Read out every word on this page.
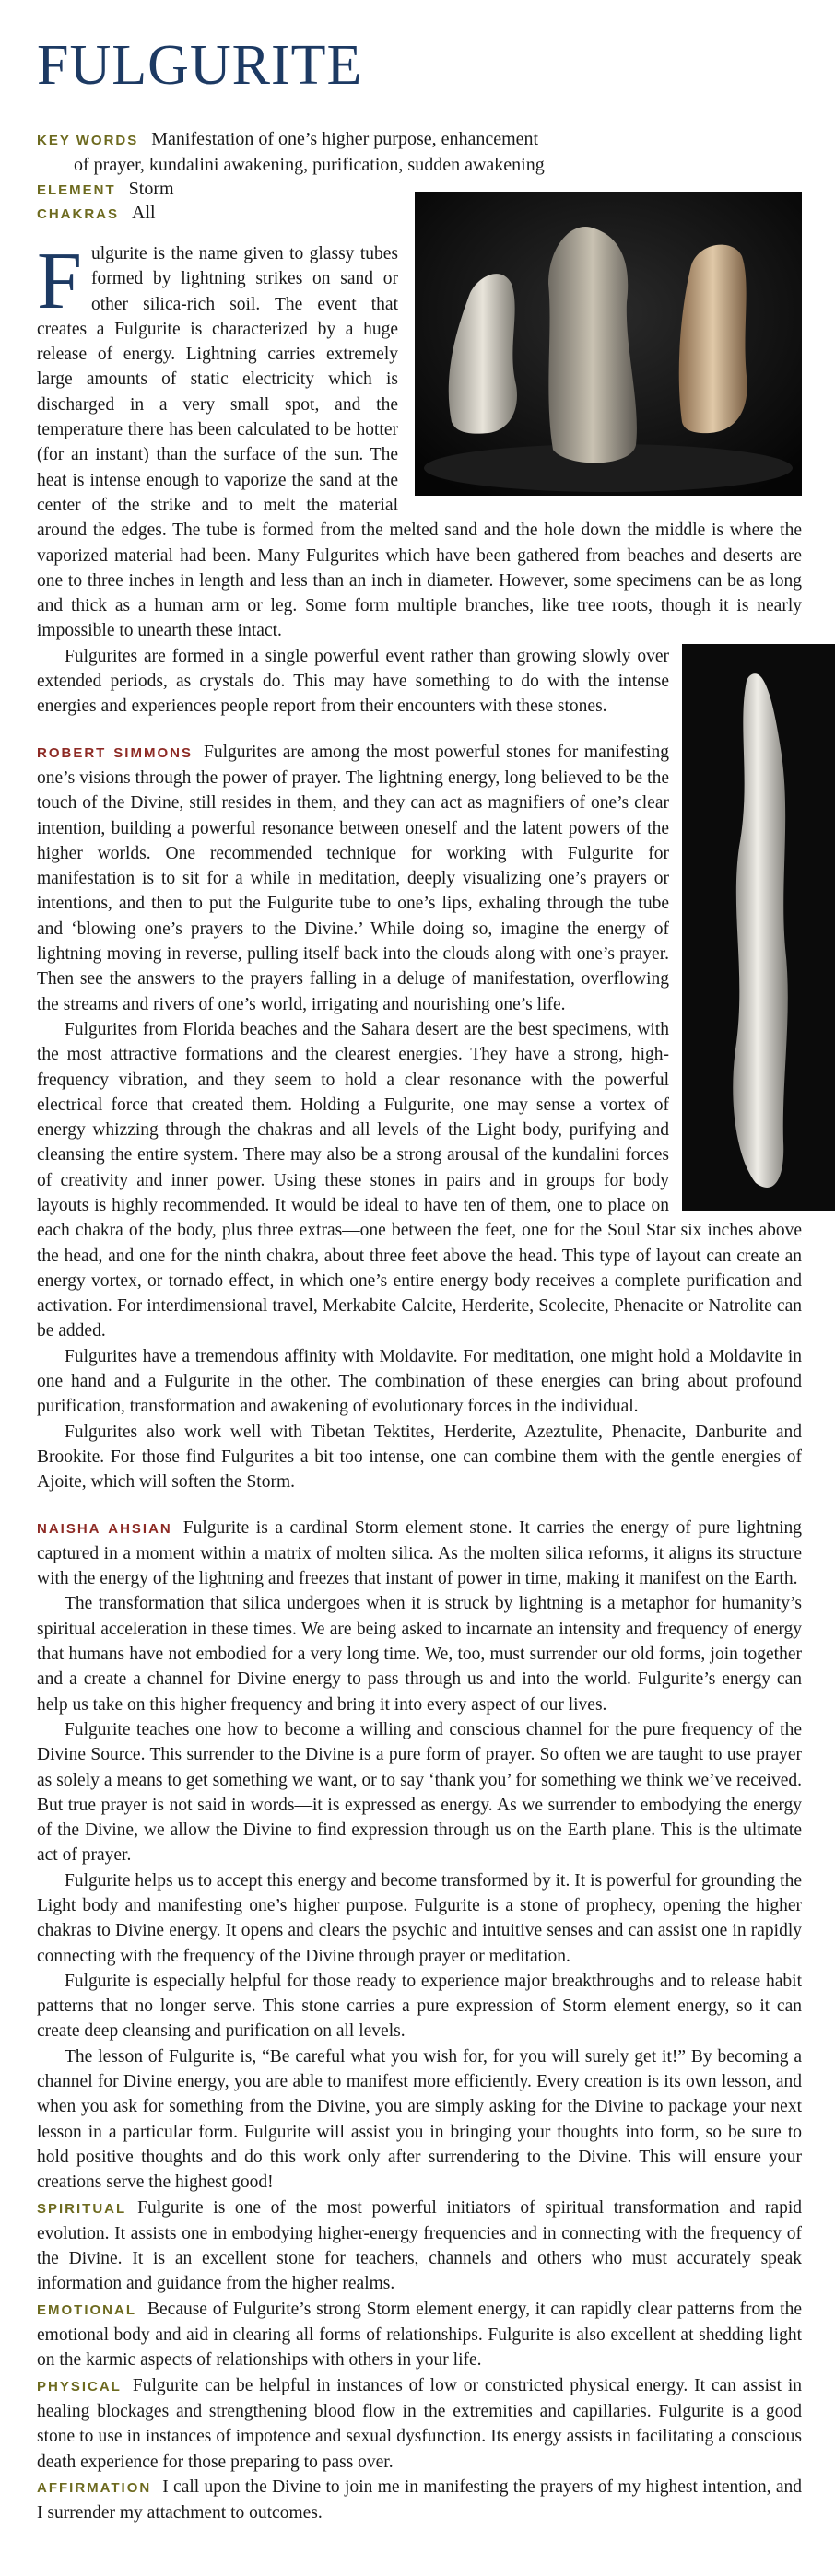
FULGURITE
KEY WORDS Manifestation of one’s higher purpose, enhancement
of prayer, kundalini awakening, purification, sudden awakening
ELEMENT Storm
CHAKRAS All

Fulgurite is the name given to glassy tubes formed by lightning strikes on sand or other silica-rich soil. The event that creates a Fulgurite is characterized by a huge release of energy. Lightning carries extremely large amounts of static electricity which is discharged in a very small spot, and the temperature there has been calculated to be hotter (for an instant) than the surface of the sun. The heat is intense enough to vaporize the sand at the center of the strike and to melt the material around the edges. The tube is formed from the melted sand and the hole down the middle is where the vaporized material had been. Many Fulgurites which have been gathered from beaches and deserts are one to three inches in length and less than an inch in diameter. However, some specimens can be as long and thick as a human arm or leg. Some form multiple branches, like tree roots, though it is nearly impossible to unearth these intact.

Fulgurites are formed in a single powerful event rather than growing slowly over extended periods, as crystals do. This may have something to do with the intense energies and experiences people report from their encounters with these stones.

ROBERT SIMMONS Fulgurites are among the most powerful stones for manifesting one’s visions through the power of prayer. The lightning energy, long believed to be the touch of the Divine, still resides in them, and they can act as magnifiers of one’s clear intention, building a powerful resonance between oneself and the latent powers of the higher worlds. One recommended technique for working with Fulgurite for manifestation is to sit for a while in meditation, deeply visualizing one’s prayers or intentions, and then to put the Fulgurite tube to one’s lips, exhaling through the tube and ‘blowing one’s prayers to the Divine.’ While doing so, imagine the energy of lightning moving in reverse, pulling itself back into the clouds along with one’s prayer. Then see the answers to the prayers falling in a deluge of manifestation, overflowing the streams and rivers of one’s world, irrigating and nourishing one’s life.

Fulgurites from Florida beaches and the Sahara desert are the best specimens, with the most attractive formations and the clearest energies. They have a strong, high-frequency vibration, and they seem to hold a clear resonance with the powerful electrical force that created them. Holding a Fulgurite, one may sense a vortex of energy whizzing through the chakras and all levels of the Light body, purifying and cleansing the entire system. There may also be a strong arousal of the kundalini forces of creativity and inner power. Using these stones in pairs and in groups for body layouts is highly recommended. It would be ideal to have ten of them, one to place on each chakra of the body, plus three extras—one between the feet, one for the Soul Star six inches above the head, and one for the ninth chakra, about three feet above the head. This type of layout can create an energy vortex, or tornado effect, in which one’s entire energy body receives a complete purification and activation. For interdimensional travel, Merkabite Calcite, Herderite, Scolecite, Phenacite or Natrolite can be added.

Fulgurites have a tremendous affinity with Moldavite. For meditation, one might hold a Moldavite in one hand and a Fulgurite in the other. The combination of these energies can bring about profound purification, transformation and awakening of evolutionary forces in the individual.

Fulgurites also work well with Tibetan Tektites, Herderite, Azeztulite, Phenacite, Danburite and Brookite. For those find Fulgurites a bit too intense, one can combine them with the gentle energies of Ajoite, which will soften the Storm.

NAISHA AHSIAN Fulgurite is a cardinal Storm element stone. It carries the energy of pure lightning captured in a moment within a matrix of molten silica. As the molten silica reforms, it aligns its structure with the energy of the lightning and freezes that instant of power in time, making it manifest on the Earth.

The transformation that silica undergoes when it is struck by lightning is a metaphor for humanity’s spiritual acceleration in these times. We are being asked to incarnate an intensity and frequency of energy that humans have not embodied for a very long time. We, too, must surrender our old forms, join together and a create a channel for Divine energy to pass through us and into the world. Fulgurite’s energy can help us take on this higher frequency and bring it into every aspect of our lives.

Fulgurite teaches one how to become a willing and conscious channel for the pure frequency of the Divine Source. This surrender to the Divine is a pure form of prayer. So often we are taught to use prayer as solely a means to get something we want, or to say ‘thank you’ for something we think we’ve received. But true prayer is not said in words—it is expressed as energy. As we surrender to embodying the energy of the Divine, we allow the Divine to find expression through us on the Earth plane. This is the ultimate act of prayer.

Fulgurite helps us to accept this energy and become transformed by it. It is powerful for grounding the Light body and manifesting one’s higher purpose. Fulgurite is a stone of prophecy, opening the higher chakras to Divine energy. It opens and clears the psychic and intuitive senses and can assist one in rapidly connecting with the frequency of the Divine through prayer or meditation.

Fulgurite is especially helpful for those ready to experience major breakthroughs and to release habit patterns that no longer serve. This stone carries a pure expression of Storm element energy, so it can create deep cleansing and purification on all levels.

The lesson of Fulgurite is, “Be careful what you wish for, for you will surely get it!” By becoming a channel for Divine energy, you are able to manifest more efficiently. Every creation is its own lesson, and when you ask for something from the Divine, you are simply asking for the Divine to package your next lesson in a particular form. Fulgurite will assist you in bringing your thoughts into form, so be sure to hold positive thoughts and do this work only after surrendering to the Divine. This will ensure your creations serve the highest good!

SPIRITUAL Fulgurite is one of the most powerful initiators of spiritual transformation and rapid evolution. It assists one in embodying higher-energy frequencies and in connecting with the frequency of the Divine. It is an excellent stone for teachers, channels and others who must accurately speak information and guidance from the higher realms.

EMOTIONAL Because of Fulgurite’s strong Storm element energy, it can rapidly clear patterns from the emotional body and aid in clearing all forms of relationships. Fulgurite is also excellent at shedding light on the karmic aspects of relationships with others in your life.

PHYSICAL Fulgurite can be helpful in instances of low or constricted physical energy. It can assist in healing blockages and strengthening blood flow in the extremities and capillaries. Fulgurite is a good stone to use in instances of impotence and sexual dysfunction. Its energy assists in facilitating a conscious death experience for those preparing to pass over.

AFFIRMATION I call upon the Divine to join me in manifesting the prayers of my highest intention, and I surrender my attachment to outcomes.
